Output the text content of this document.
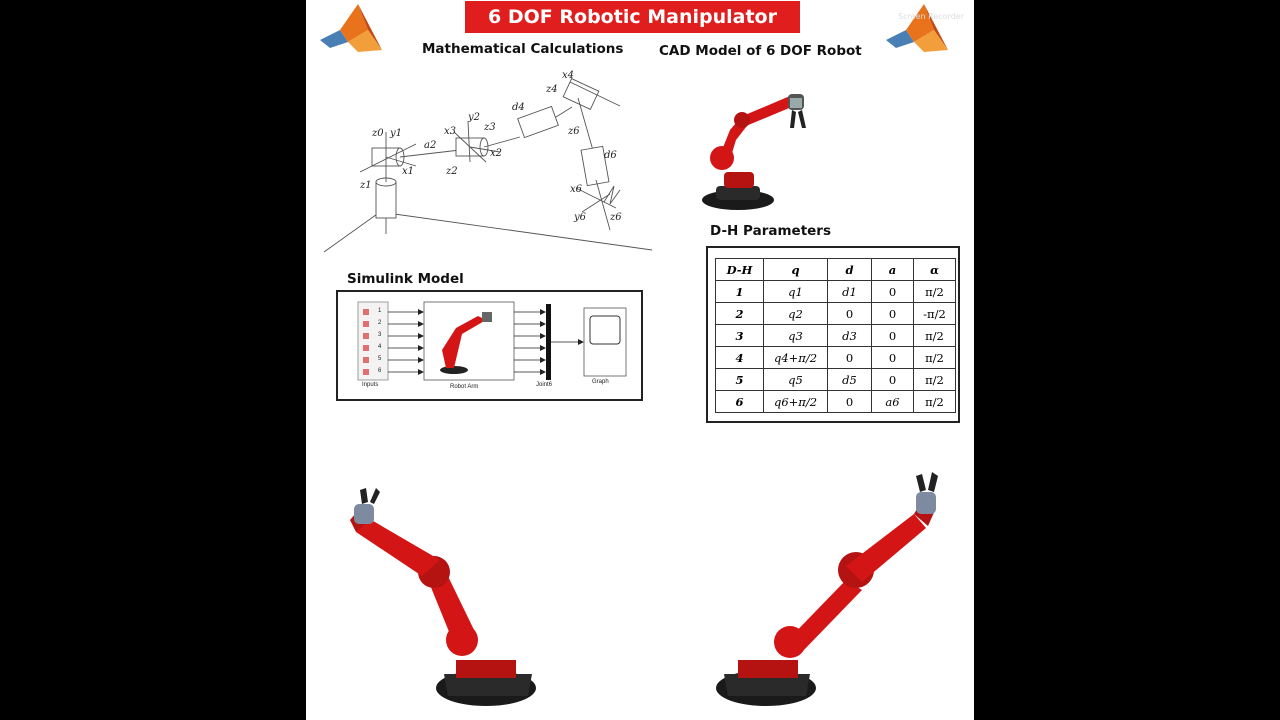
6 DOF Robotic Manipulator	Screen Recorder
Mathematical Calculations	CAD Model of 6 DOF Robot
Simulink Model
D-H Parameters
z0 y1
x1
z1
a2
x3
y2
z3
x2
z2
d4
x4
z4
z6
d6
x6
y6 z6
1
2
3
4
5
6
Inputs	Robot Arm	Joint6	Graph
D-H	q	d	a	α
1	q1	d1	0	π/2
2	q2	0	0	-π/2
3	q3	d3	0	π/2
4	q4+π/2	0	0	π/2
5	q5	d5	0	π/2
6	q6+π/2	0	a6	π/2
